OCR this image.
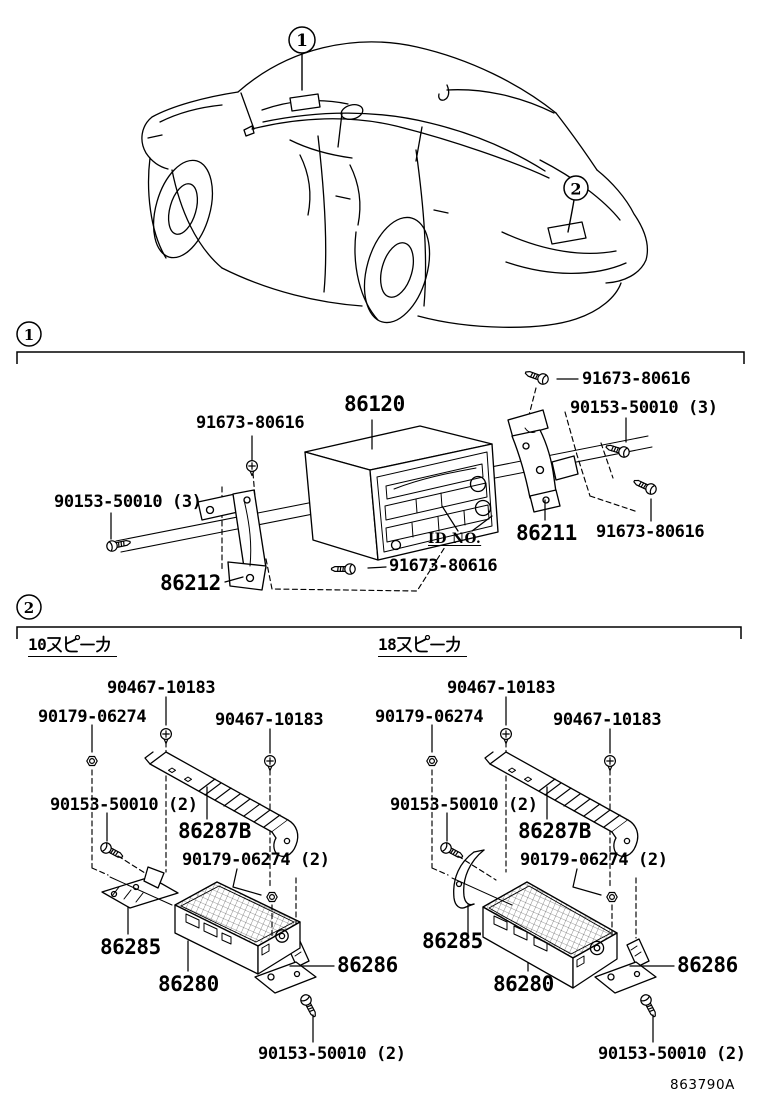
1
2
1
2
91673-80616
86120
91673-80616
90153-50010 (3)
90153-50010 (3)
86211 91673-80616
86212
91673-80616
ID NO.
10	18
90467-10183
90179-06274	90467-10183
90153-50010 (2)
86287B
90179-06274 (2)
86285
86280
86286
90153-50010 (2)
90467-10183
90179-06274	90467-10183
90153-50010 (2)
86287B
90179-06274 (2)
86285
86280
86286
90153-50010 (2)
863790A
